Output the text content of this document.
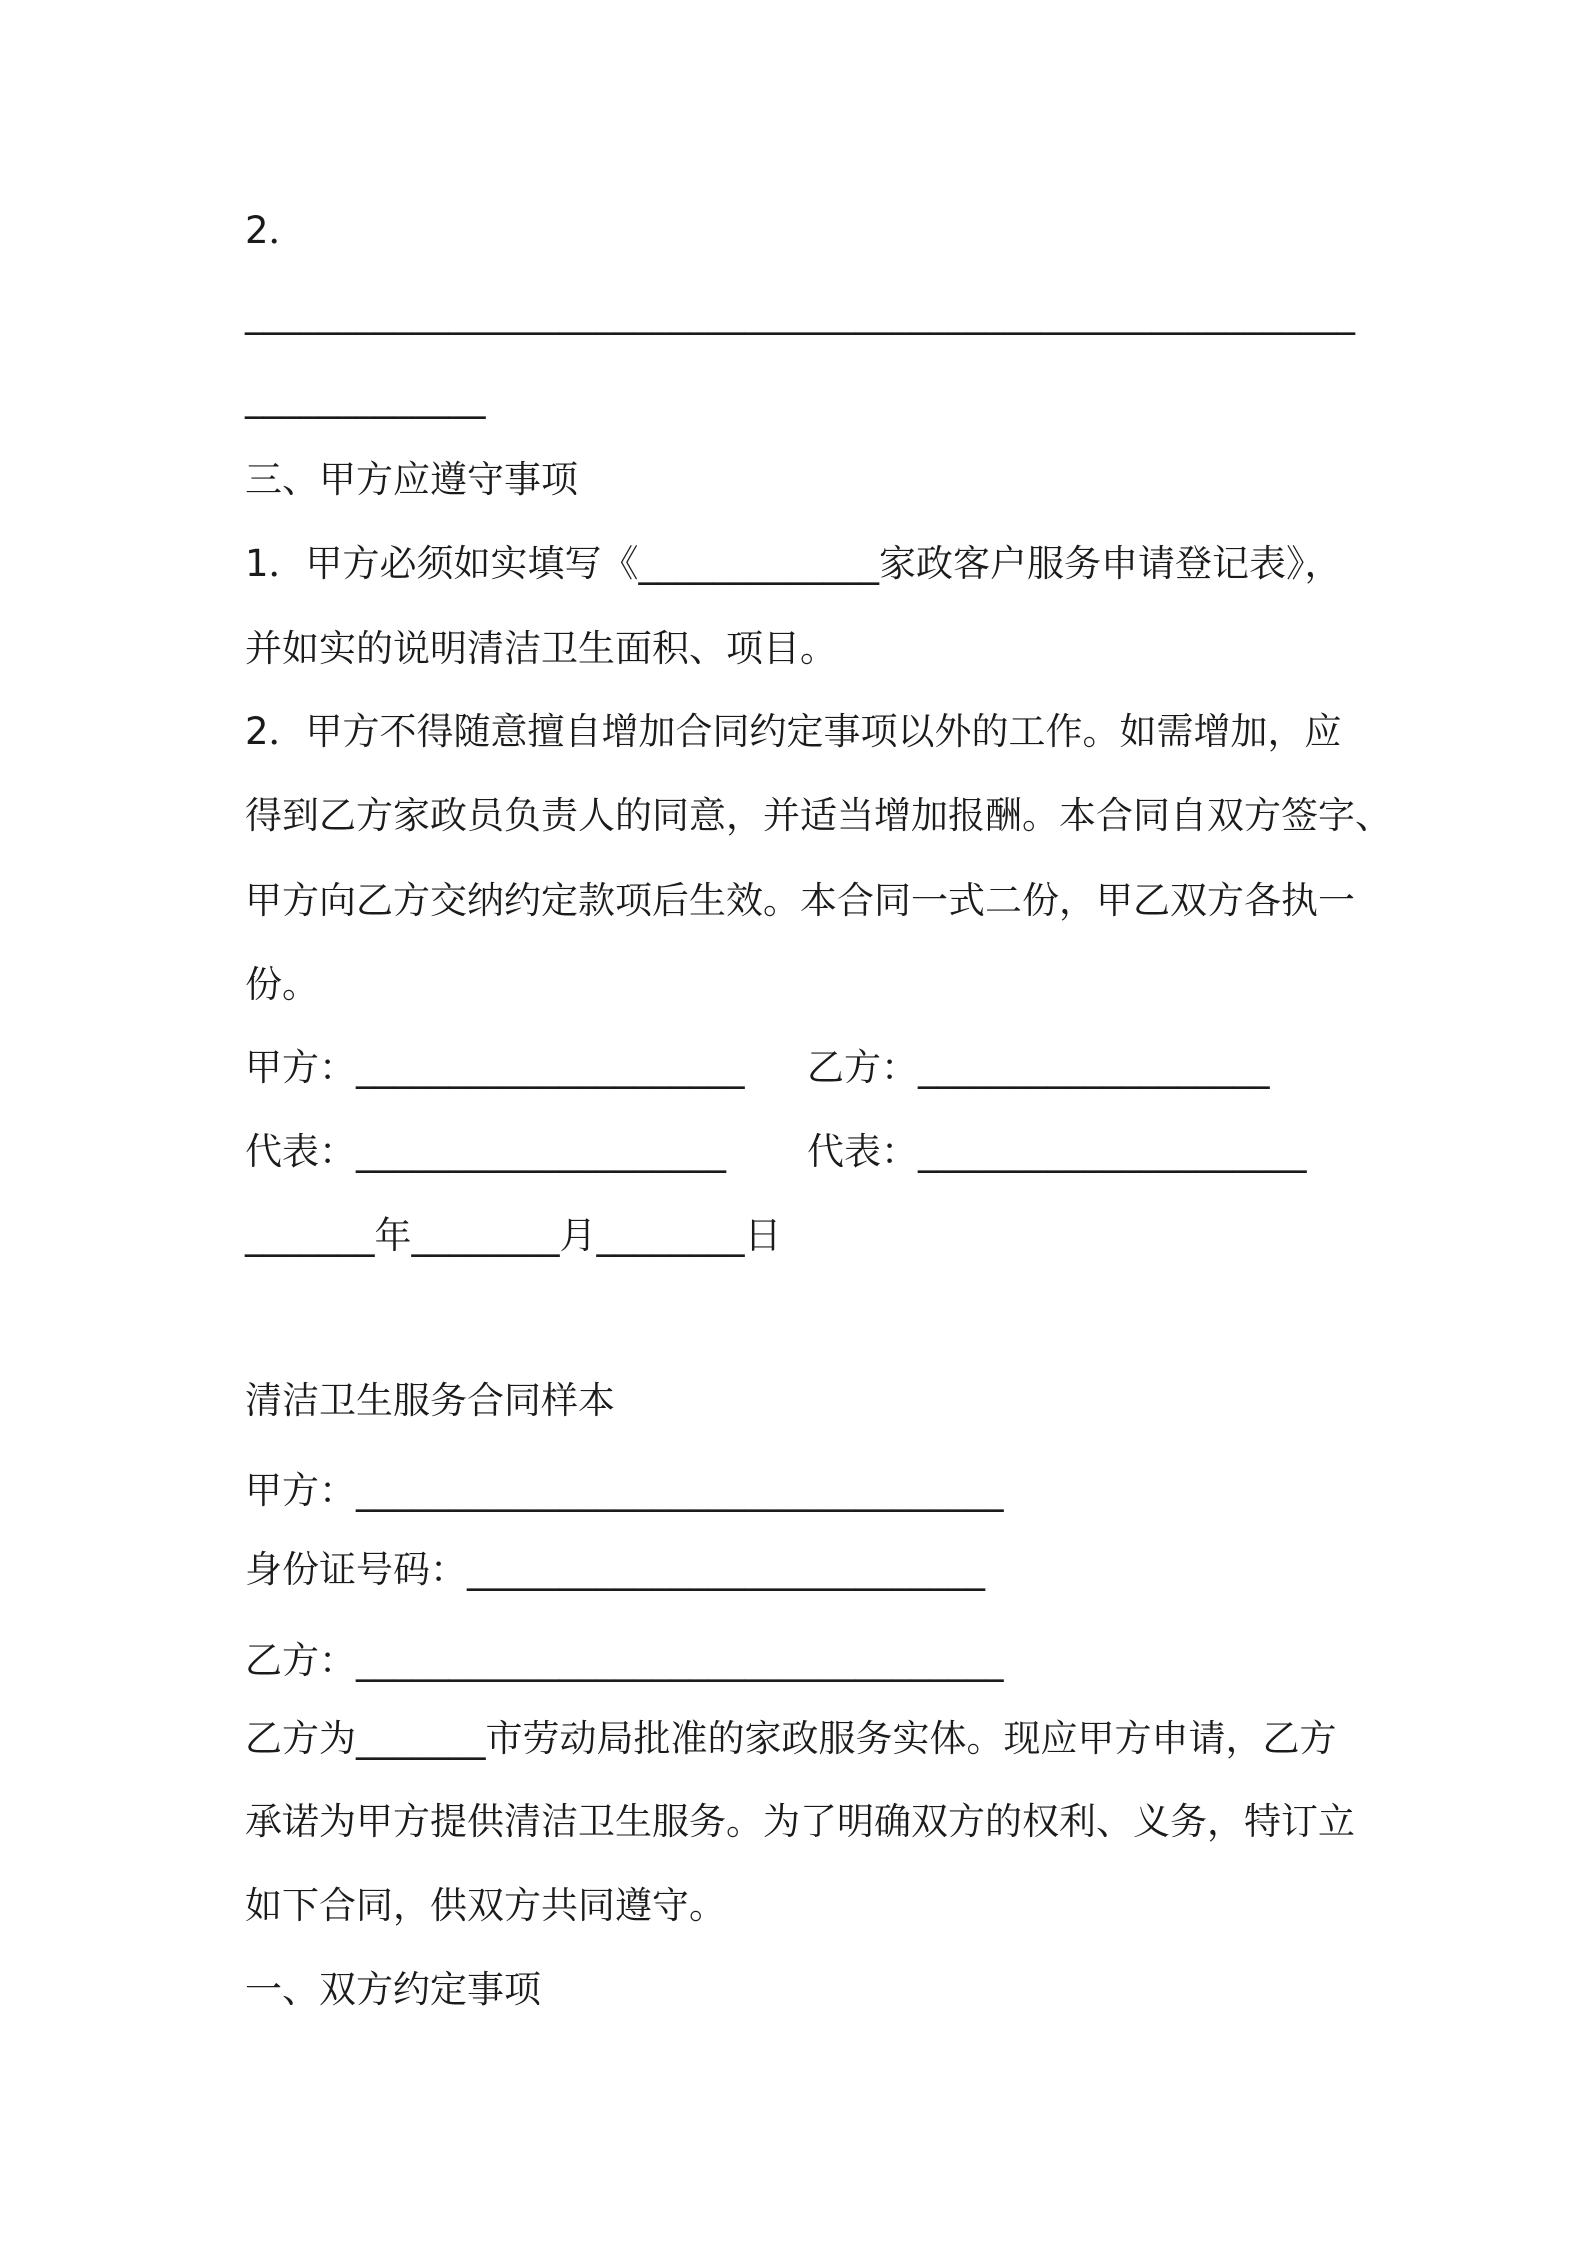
2．
____________________________________________________________
_____________
三、甲方应遵守事项
1．甲方必须如实填写《_____________家政客户服务申请登记表》，
并如实的说明清洁卫生面积、项目。
2．甲方不得随意擅自增加合同约定事项以外的工作。如需增加，应
得到乙方家政员负责人的同意，并适当增加报酬。本合同自双方签字、
甲方向乙方交纳约定款项后生效。本合同一式二份，甲乙双方各执一
份。
甲方：_____________________ 乙方：___________________
代表：____________________ 代表：_____________________
_______年________月________日
清洁卫生服务合同样本
甲方：___________________________________
身份证号码：____________________________
乙方：___________________________________
乙方为_______市劳动局批准的家政服务实体。现应甲方申请，乙方
承诺为甲方提供清洁卫生服务。为了明确双方的权利、义务，特订立
如下合同，供双方共同遵守。
一、双方约定事项
